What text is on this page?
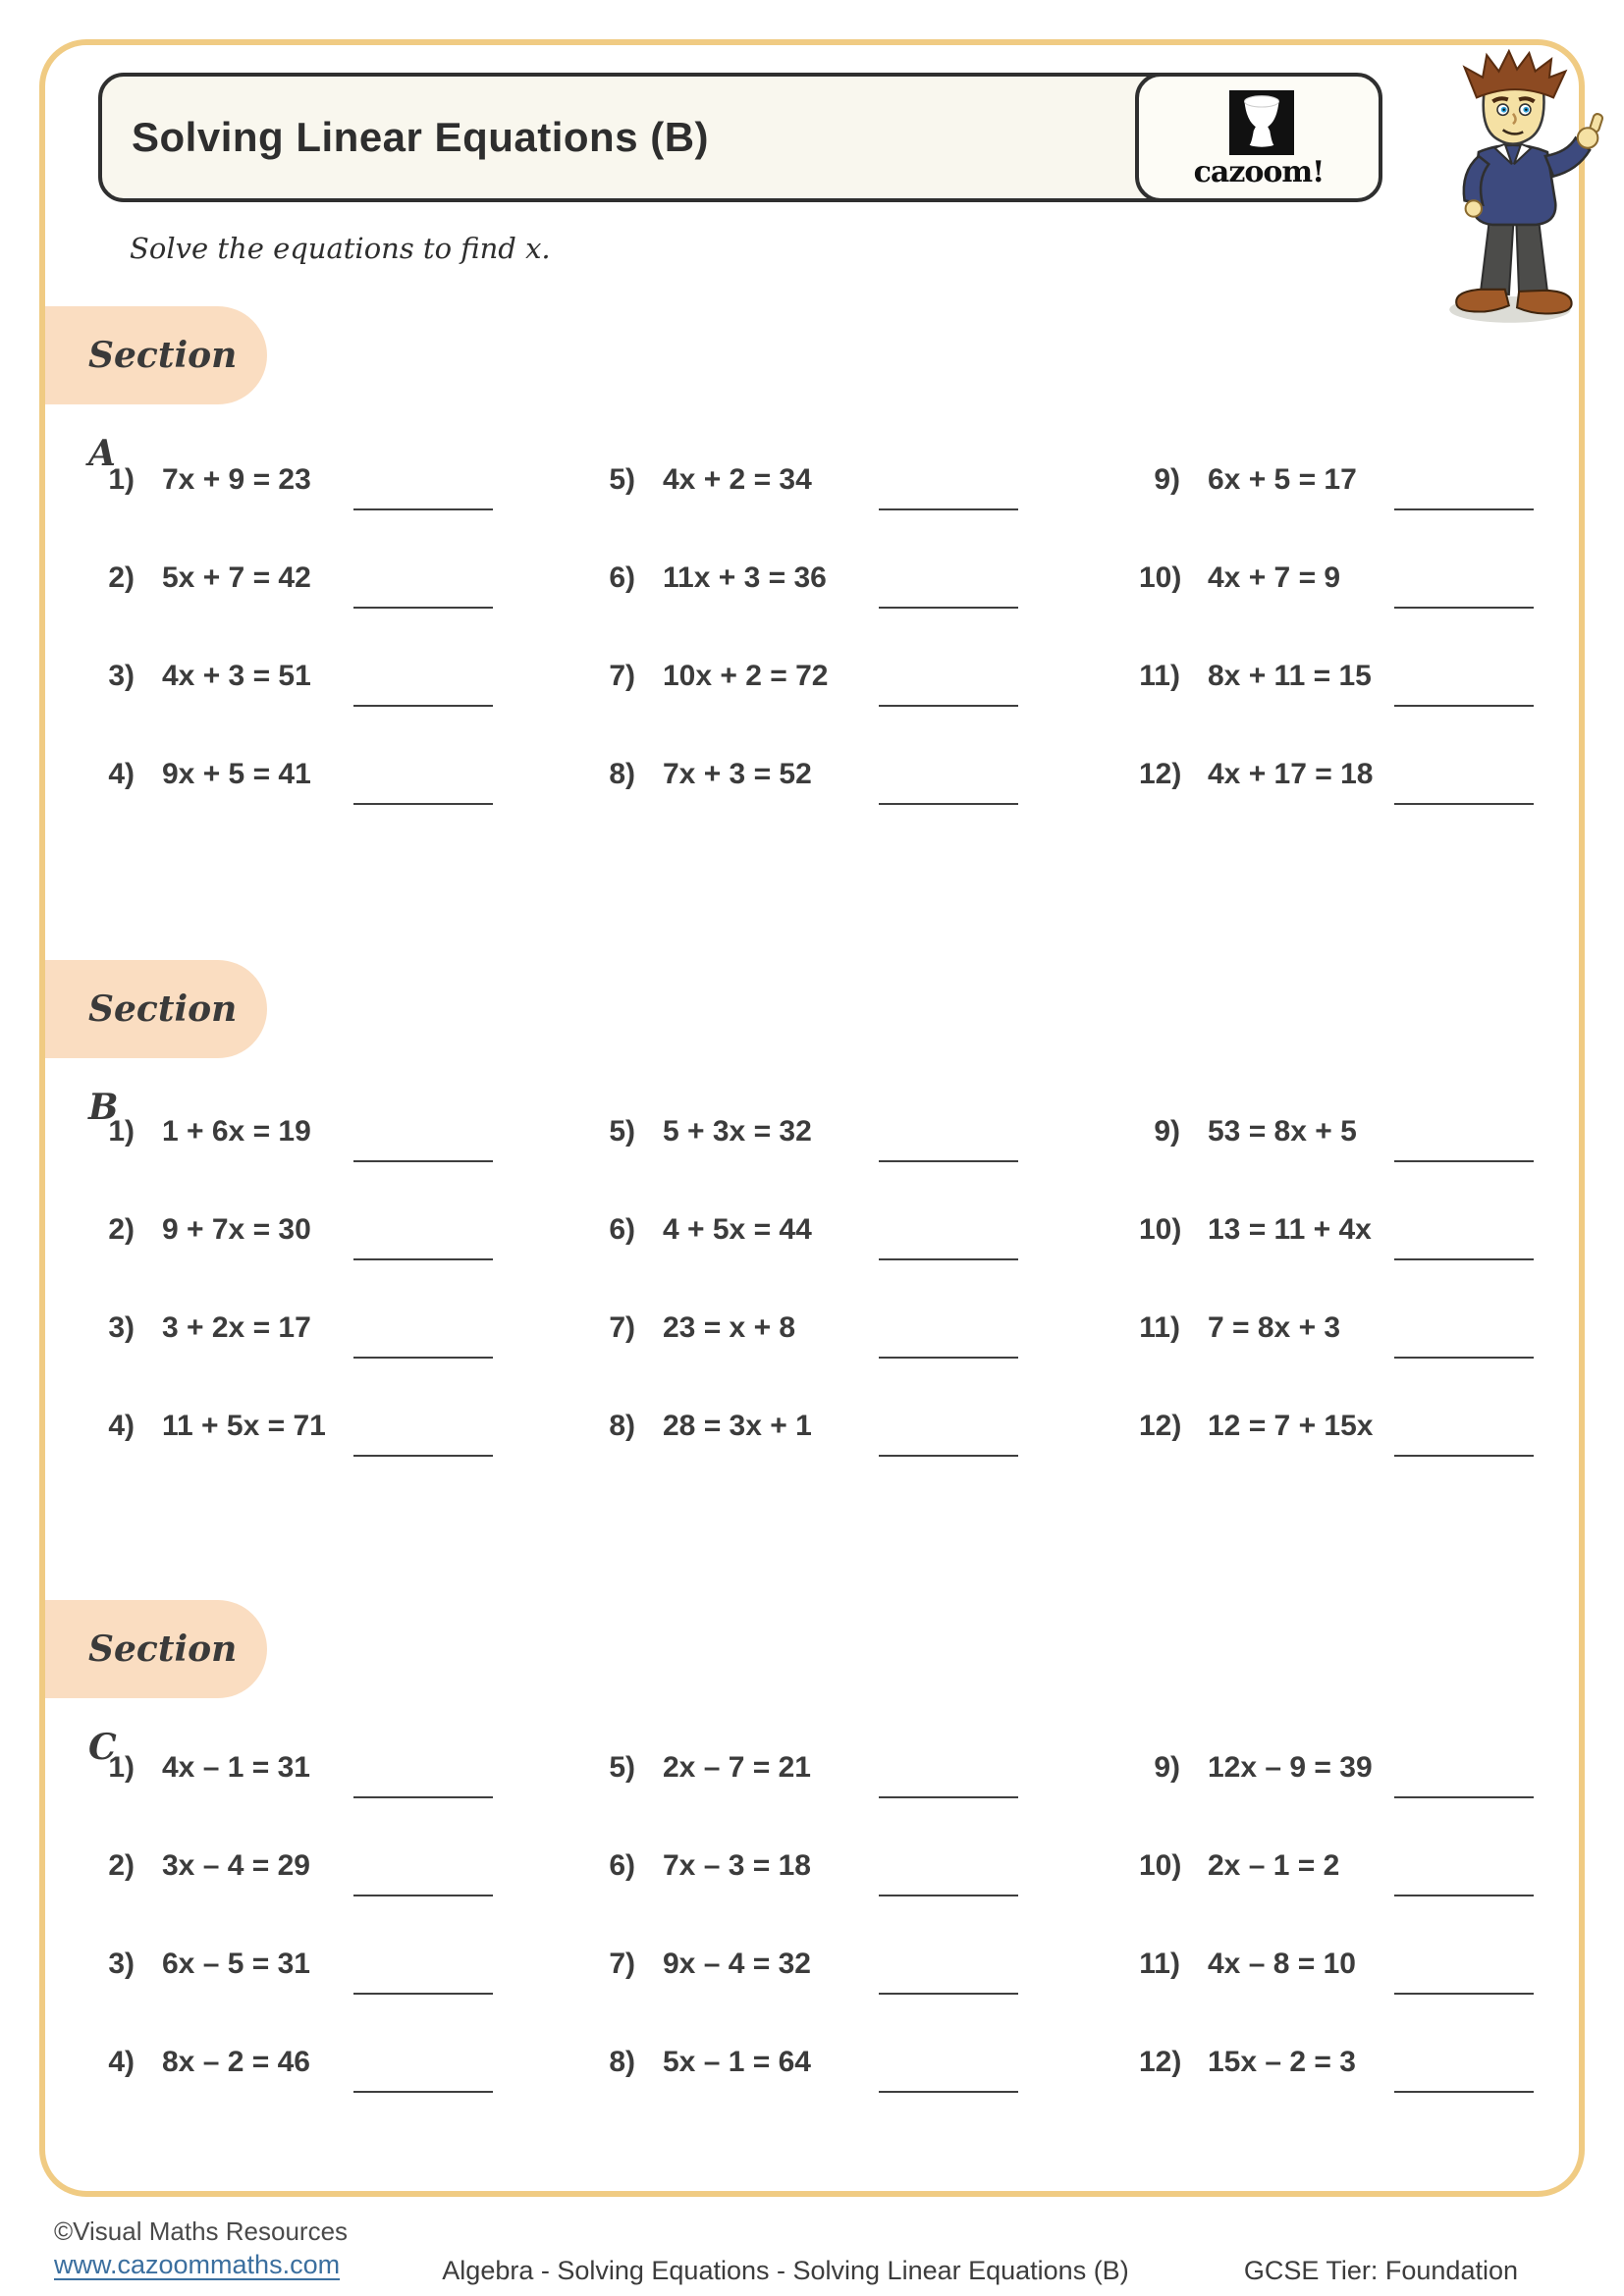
Solving Linear Equations (B)
cazoom!
Solve the equations to find x.
Section A
1) 7x + 9 = 23
2) 5x + 7 = 42
3) 4x + 3 = 51
4) 9x + 5 = 41
5) 4x + 2 = 34
6) 11x + 3 = 36
7) 10x + 2 = 72
8) 7x + 3 = 52
9) 6x + 5 = 17
10) 4x + 7 = 9
11) 8x + 11 = 15
12) 4x + 17 = 18
Section B
1) 1 + 6x = 19
2) 9 + 7x = 30
3) 3 + 2x = 17
4) 11 + 5x = 71
5) 5 + 3x = 32
6) 4 + 5x = 44
7) 23 = x + 8
8) 28 = 3x + 1
9) 53 = 8x + 5
10) 13 = 11 + 4x
11) 7 = 8x + 3
12) 12 = 7 + 15x
Section C
1) 4x – 1 = 31
2) 3x – 4 = 29
3) 6x – 5 = 31
4) 8x – 2 = 46
5) 2x – 7 = 21
6) 7x – 3 = 18
7) 9x – 4 = 32
8) 5x – 1 = 64
9) 12x – 9 = 39
10) 2x – 1 = 2
11) 4x – 8 = 10
12) 15x – 2 = 3
©Visual Maths Resources
www.cazoommaths.com	Algebra - Solving Equations - Solving Linear Equations (B)	GCSE Tier: Foundation
